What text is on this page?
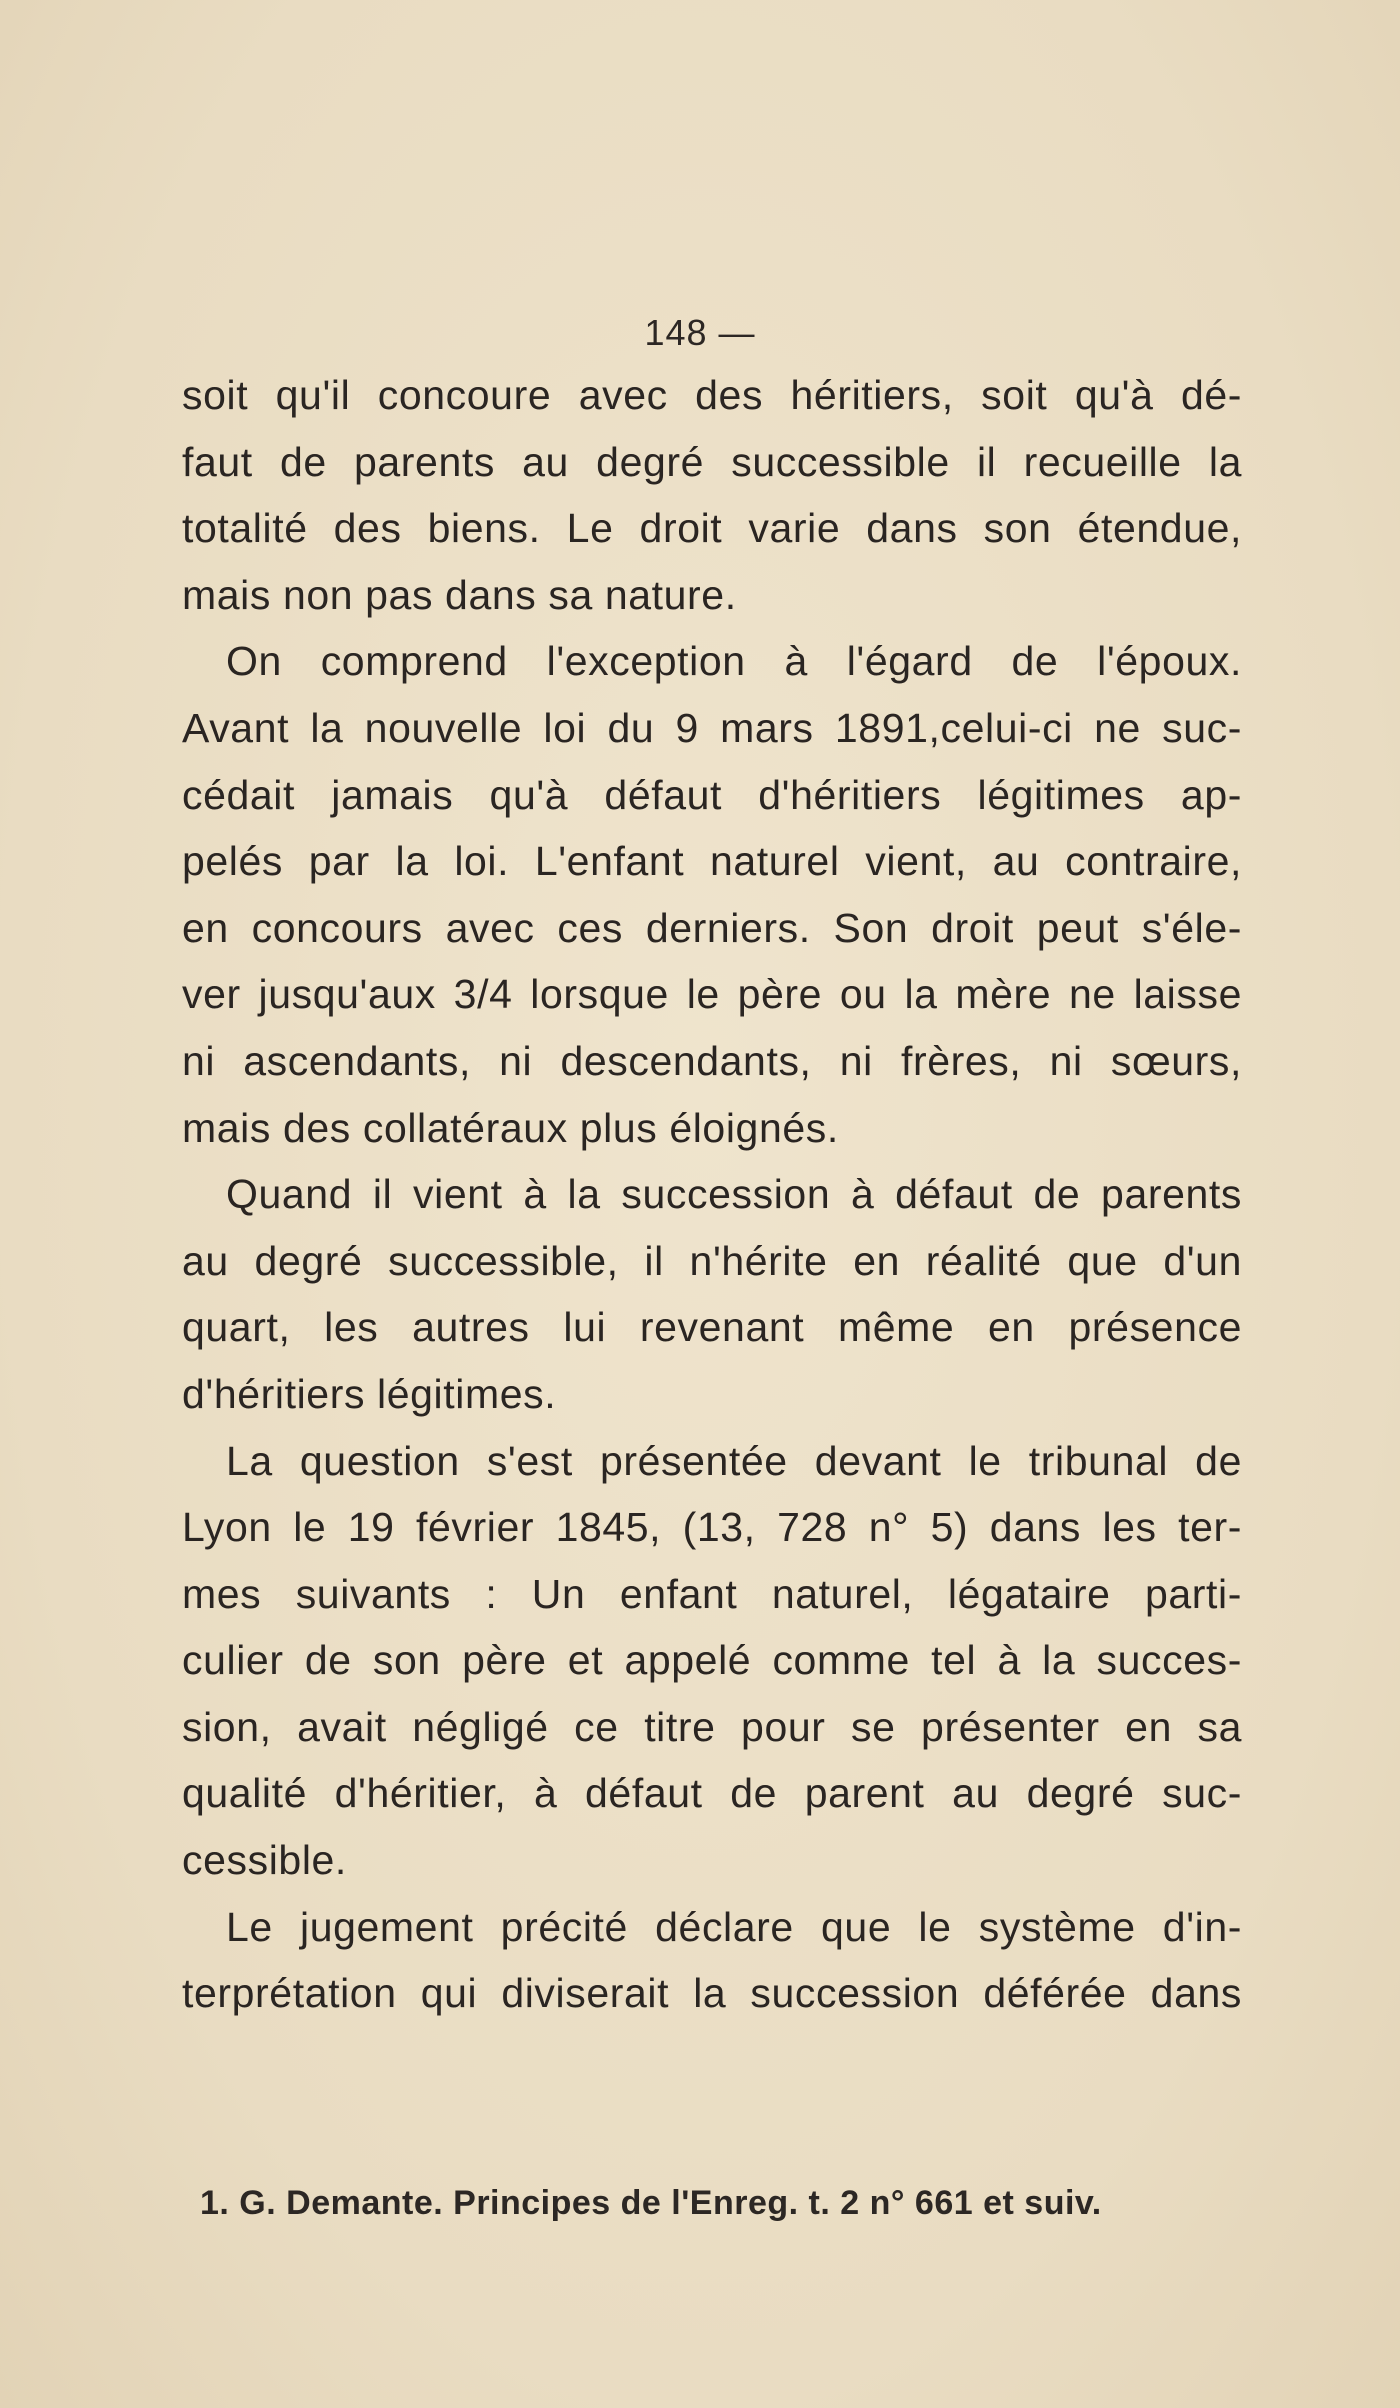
148 —
soit qu'il concoure avec des héritiers, soit qu'à dé-
faut de parents au degré successible il recueille la
totalité des biens. Le droit varie dans son étendue,
mais non pas dans sa nature.
On comprend l'exception à l'égard de l'époux.
Avant la nouvelle loi du 9 mars 1891,celui-ci ne suc-
cédait jamais qu'à défaut d'héritiers légitimes ap-
pelés par la loi. L'enfant naturel vient, au contraire,
en concours avec ces derniers. Son droit peut s'éle-
ver jusqu'aux 3/4 lorsque le père ou la mère ne laisse
ni ascendants, ni descendants, ni frères, ni sœurs,
mais des collatéraux plus éloignés.
Quand il vient à la succession à défaut de parents
au degré successible, il n'hérite en réalité que d'un
quart, les autres lui revenant même en présence
d'héritiers légitimes.
La question s'est présentée devant le tribunal de
Lyon le 19 février 1845, (13, 728 n° 5) dans les ter-
mes suivants : Un enfant naturel, légataire parti-
culier de son père et appelé comme tel à la succes-
sion, avait négligé ce titre pour se présenter en sa
qualité d'héritier, à défaut de parent au degré suc-
cessible.
Le jugement précité déclare que le système d'in-
terprétation qui diviserait la succession déférée dans
1. G. Demante. Principes de l'Enreg. t. 2 n° 661 et suiv.
